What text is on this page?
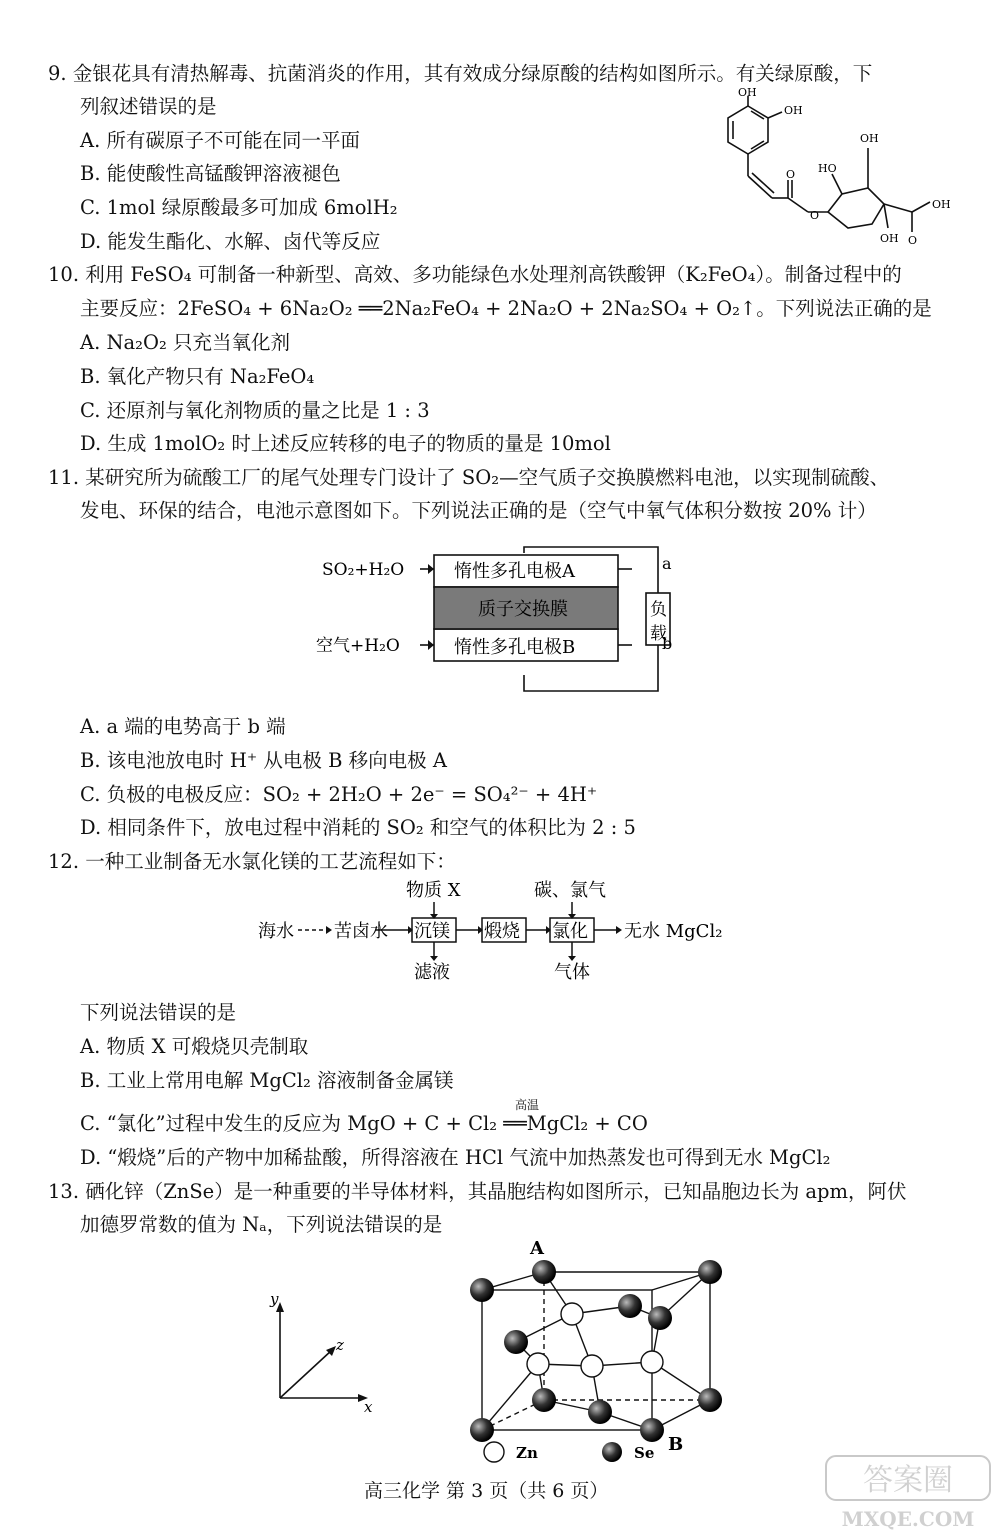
9. 金银花具有清热解毒、抗菌消炎的作用，其有效成分绿原酸的结构如图所示。有关绿原酸，下
列叙述错误的是
A. 所有碳原子不可能在同一平面
B. 能使酸性高锰酸钾溶液褪色
C. 1mol 绿原酸最多可加成 6molH₂
D. 能发生酯化、水解、卤代等反应
OH
OH
OH
HO
O
O
OH
OH O
10. 利用 FeSO₄ 可制备一种新型、高效、多功能绿色水处理剂高铁酸钾（K₂FeO₄）。制备过程中的
主要反应：2FeSO₄ + 6Na₂O₂ ══2Na₂FeO₄ + 2Na₂O + 2Na₂SO₄ + O₂↑。下列说法正确的是
A. Na₂O₂ 只充当氧化剂
B. 氧化产物只有 Na₂FeO₄
C. 还原剂与氧化剂物质的量之比是 1 : 3
D. 生成 1molO₂ 时上述反应转移的电子的物质的量是 10mol
11. 某研究所为硫酸工厂的尾气处理专门设计了 SO₂—空气质子交换膜燃料电池，以实现制硫酸、
发电、环保的结合，电池示意图如下。下列说法正确的是（空气中氧气体积分数按 20% 计）
SO₂+H₂O
空气+H₂O
惰性多孔电极A
质子交换膜
惰性多孔电极B
负
载
a
b
A. a 端的电势高于 b 端
B. 该电池放电时 H⁺ 从电极 B 移向电极 A
C. 负极的电极反应：SO₂ + 2H₂O + 2e⁻ = SO₄²⁻ + 4H⁺
D. 相同条件下，放电过程中消耗的 SO₂ 和空气的体积比为 2 : 5
12. 一种工业制备无水氯化镁的工艺流程如下：
海水 苦卤水 沉镁 煅烧 氯化 无水 MgCl₂
物质 X	碳、氯气
滤液	气体
下列说法错误的是
A. 物质 X 可煅烧贝壳制取
B. 工业上常用电解 MgCl₂ 溶液制备金属镁
高温
C. “氯化”过程中发生的反应为 MgO + C + Cl₂ ══MgCl₂ + CO
D. “煅烧”后的产物中加稀盐酸，所得溶液在 HCl 气流中加热蒸发也可得到无水 MgCl₂
13. 硒化锌（ZnSe）是一种重要的半导体材料，其晶胞结构如图所示，已知晶胞边长为 apm，阿伏
加德罗常数的值为 Nₐ，下列说法错误的是
y
z
x
A
B
Zn	Se
高三化学 第 3 页（共 6 页）	答案圈
MXQE.COM
